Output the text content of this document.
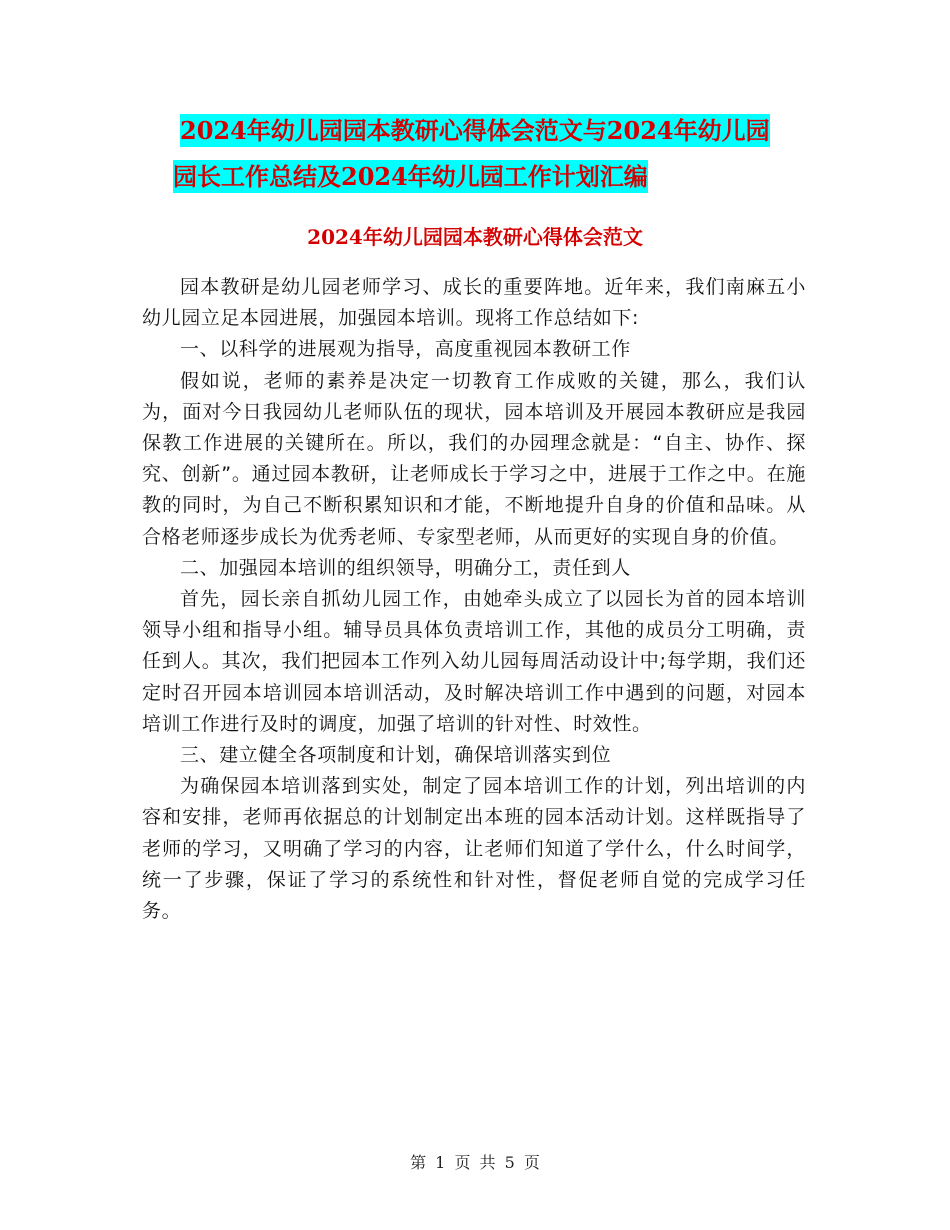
2024年幼儿园园本教研心得体会范文与2024年幼儿园
园长工作总结及2024年幼儿园工作计划汇编
2024年幼儿园园本教研心得体会范文

园本教研是幼儿园老师学习、成长的重要阵地。近年来，我们南麻五小幼儿园立足本园进展，加强园本培训。现将工作总结如下:

一、以科学的进展观为指导，高度重视园本教研工作

假如说，老师的素养是决定一切教育工作成败的关键，那么，我们认为，面对今日我园幼儿老师队伍的现状，园本培训及开展园本教研应是我园保教工作进展的关键所在。所以，我们的办园理念就是：“自主、协作、探究、创新”。通过园本教研，让老师成长于学习之中，进展于工作之中。在施教的同时，为自己不断积累知识和才能，不断地提升自身的价值和品味。从合格老师逐步成长为优秀老师、专家型老师，从而更好的实现自身的价值。

二、加强园本培训的组织领导，明确分工，责任到人

首先，园长亲自抓幼儿园工作，由她牵头成立了以园长为首的园本培训领导小组和指导小组。辅导员具体负责培训工作，其他的成员分工明确，责任到人。其次，我们把园本工作列入幼儿园每周活动设计中;每学期，我们还定时召开园本培训园本培训活动，及时解决培训工作中遇到的问题，对园本培训工作进行及时的调度，加强了培训的针对性、时效性。

三、建立健全各项制度和计划，确保培训落实到位

为确保园本培训落到实处，制定了园本培训工作的计划，列出培训的内容和安排，老师再依据总的计划制定出本班的园本活动计划。这样既指导了老师的学习，又明确了学习的内容，让老师们知道了学什么，什么时间学，统一了步骤，保证了学习的系统性和针对性，督促老师自觉的完成学习任务。

第 1 页 共 5 页
